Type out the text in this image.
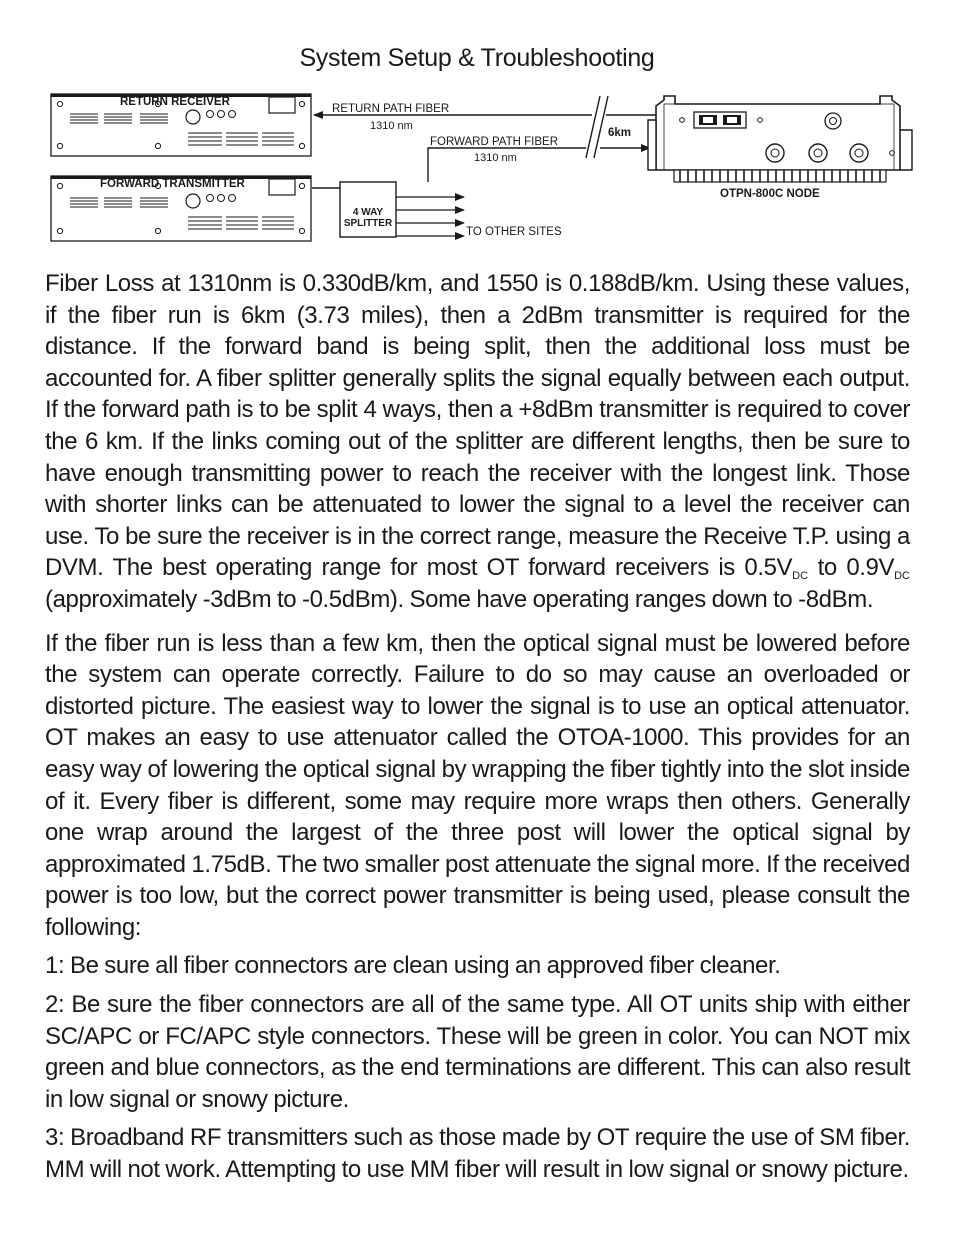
System Setup & Troubleshooting
RETURN RECEIVER
FORWARD TRANSMITTER
RETURN PATH FIBER
1310 nm
FORWARD PATH FIBER
1310 nm
6km
4 WAY
SPLITTER
TO OTHER SITES
OTPN-800C NODE

Fiber Loss at 1310nm is 0.330dB/km, and 1550 is 0.188dB/km. Using these values, if the fiber run is 6km (3.73 miles), then a 2dBm transmitter is required for the distance. If the forward band is being split, then the additional loss must be accounted for. A fiber splitter generally splits the signal equally between each output. If the forward path is to be split 4 ways, then a +8dBm transmitter is required to cover the 6 km. If the links coming out of the splitter are different lengths, then be sure to have enough transmitting power to reach the receiver with the longest link. Those with shorter links can be attenuated to lower the signal to a level the receiver can use. To be sure the receiver is in the correct range, measure the Receive T.P. using a DVM. The best operating range for most OT forward receivers is $0.5V_{DC}$ to $0.9V_{DC}$ (approximately -3dBm to -0.5dBm). Some have operating ranges down to -8dBm.

If the fiber run is less than a few km, then the optical signal must be lowered before the system can operate correctly. Failure to do so may cause an overloaded or distorted picture. The easiest way to lower the signal is to use an optical attenuator. OT makes an easy to use attenuator called the OTOA-1000. This provides for an easy way of lowering the optical signal by wrapping the fiber tightly into the slot inside of it. Every fiber is different, some may require more wraps then others. Generally one wrap around the largest of the three post will lower the optical signal by approximated 1.75dB. The two smaller post attenuate the signal more. If the received power is too low, but the correct power transmitter is being used, please consult the following:

1: Be sure all fiber connectors are clean using an approved fiber cleaner.

2: Be sure the fiber connectors are all of the same type. All OT units ship with either SC/APC or FC/APC style connectors. These will be green in color. You can NOT mix green and blue connectors, as the end terminations are different. This can also result in low signal or snowy picture.

3: Broadband RF transmitters such as those made by OT require the use of SM fiber. MM will not work. Attempting to use MM fiber will result in low signal or snowy picture.
